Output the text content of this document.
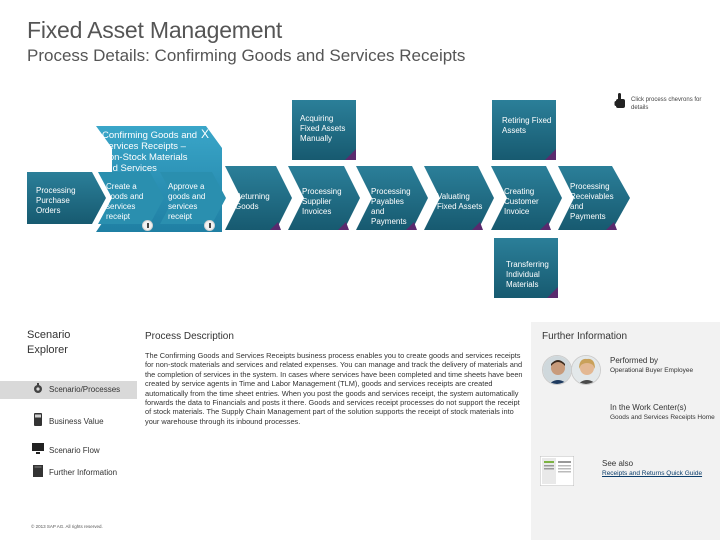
Fixed Asset Management
Process Details: Confirming Goods and Services Receipts
Click process chevrons for details
Confirming Goods and Services Receipts – Non-Stock Materials and Services
X
Processing Purchase Orders
Create a goods and services receipt
Approve a goods and services receipt
Returning Goods
Processing Supplier Invoices
Processing Payables and Payments
Valuating Fixed Assets
Creating Customer Invoice
Processing Receivables and Payments
Acquiring Fixed Assets Manually
Retiring Fixed Assets
Transferring Individual Materials
Scenario Explorer
Scenario/Processes
Business Value
Scenario Flow
Further Information
© 2013 SAP AG. All rights reserved.
Process Description
The Confirming Goods and Services Receipts business process enables you to create goods and services receipts for non-stock materials and services and related expenses. You can manage and track the delivery of materials and the completion of services in the system. In cases where services have been completed and time sheets have been created by service agents in Time and Labor Management (TLM), goods and services receipts are created automatically from the time sheet entries. When you post the goods and services receipt, the system automatically forwards the data to Financials and posts it there. Goods and services receipt processes do not support the receipt of stock materials. The Supply Chain Management part of the solution supports the receipt of stock materials into your warehouse through its inbound processes.
Further Information
Performed by
Operational Buyer Employee
In the Work Center(s)
Goods and Services Receipts Home
See also
Receipts and Returns Quick Guide
